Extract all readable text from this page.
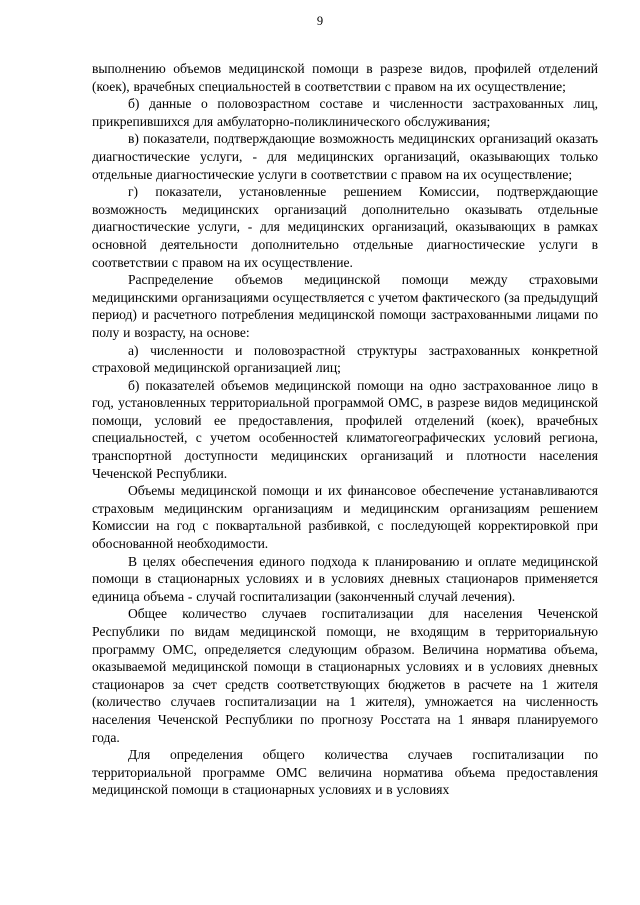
9

выполнению объемов медицинской помощи в разрезе видов, профилей отделений (коек), врачебных специальностей в соответствии с правом на их осуществление;

б) данные о половозрастном составе и численности застрахованных лиц, прикрепившихся для амбулаторно-поликлинического обслуживания;

в) показатели, подтверждающие возможность медицинских организаций оказать диагностические услуги, - для медицинских организаций, оказывающих только отдельные диагностические услуги в соответствии с правом на их осуществление;

г) показатели, установленные решением Комиссии, подтверждающие возможность медицинских организаций дополнительно оказывать отдельные диагностические услуги, - для медицинских организаций, оказывающих в рамках основной деятельности дополнительно отдельные диагностические услуги в соответствии с правом на их осуществление.

Распределение объемов медицинской помощи между страховыми медицинскими организациями осуществляется с учетом фактического (за предыдущий период) и расчетного потребления медицинской помощи застрахованными лицами по полу и возрасту, на основе:

а) численности и половозрастной структуры застрахованных конкретной страховой медицинской организацией лиц;

б) показателей объемов медицинской помощи на одно застрахованное лицо в год, установленных территориальной программой ОМС, в разрезе видов медицинской помощи, условий ее предоставления, профилей отделений (коек), врачебных специальностей, с учетом особенностей климатогеографических условий региона, транспортной доступности медицинских организаций и плотности населения Чеченской Республики.

Объемы медицинской помощи и их финансовое обеспечение устанавливаются страховым медицинским организациям и медицинским организациям решением Комиссии на год с поквартальной разбивкой, с последующей корректировкой при обоснованной необходимости.

В целях обеспечения единого подхода к планированию и оплате медицинской помощи в стационарных условиях и в условиях дневных стационаров применяется единица объема - случай госпитализации (законченный случай лечения).

Общее количество случаев госпитализации для населения Чеченской Республики по видам медицинской помощи, не входящим в территориальную программу ОМС, определяется следующим образом. Величина норматива объема, оказываемой медицинской помощи в стационарных условиях и в условиях дневных стационаров за счет средств соответствующих бюджетов в расчете на 1 жителя (количество случаев госпитализации на 1 жителя), умножается на численность населения Чеченской Республики по прогнозу Росстата на 1 января планируемого года.

Для определения общего количества случаев госпитализации по территориальной программе ОМС величина норматива объема предоставления медицинской помощи в стационарных условиях и в условиях
